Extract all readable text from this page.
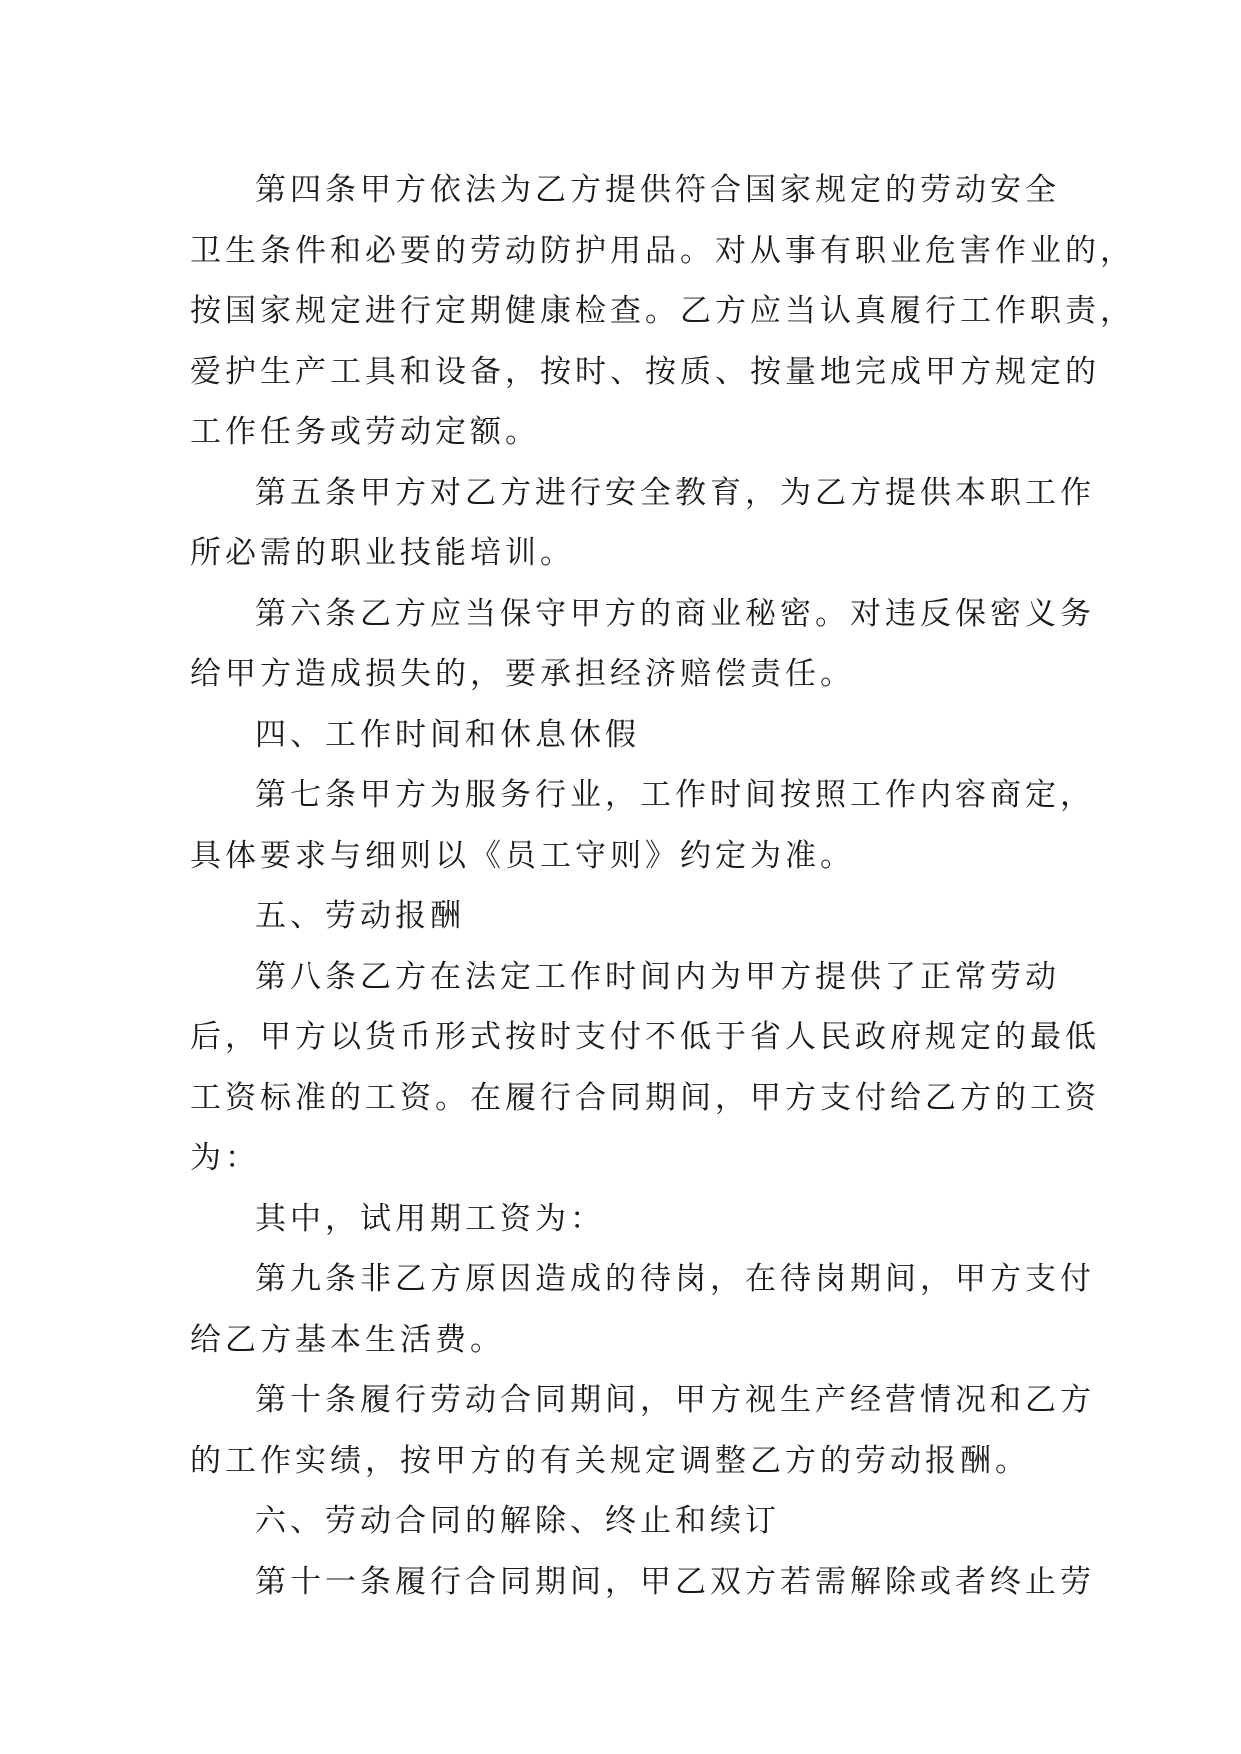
第四条甲方依法为乙方提供符合国家规定的劳动安全
卫生条件和必要的劳动防护用品。对从事有职业危害作业的，
按国家规定进行定期健康检查。乙方应当认真履行工作职责，
爱护生产工具和设备，按时、按质、按量地完成甲方规定的
工作任务或劳动定额。
第五条甲方对乙方进行安全教育，为乙方提供本职工作
所必需的职业技能培训。
第六条乙方应当保守甲方的商业秘密。对违反保密义务
给甲方造成损失的，要承担经济赔偿责任。
四、工作时间和休息休假
第七条甲方为服务行业，工作时间按照工作内容商定，
具体要求与细则以《员工守则》约定为准。
五、劳动报酬
第八条乙方在法定工作时间内为甲方提供了正常劳动
后，甲方以货币形式按时支付不低于省人民政府规定的最低
工资标准的工资。在履行合同期间，甲方支付给乙方的工资
为：
其中，试用期工资为：
第九条非乙方原因造成的待岗，在待岗期间，甲方支付
给乙方基本生活费。
第十条履行劳动合同期间，甲方视生产经营情况和乙方
的工作实绩，按甲方的有关规定调整乙方的劳动报酬。
六、劳动合同的解除、终止和续订
第十一条履行合同期间，甲乙双方若需解除或者终止劳
